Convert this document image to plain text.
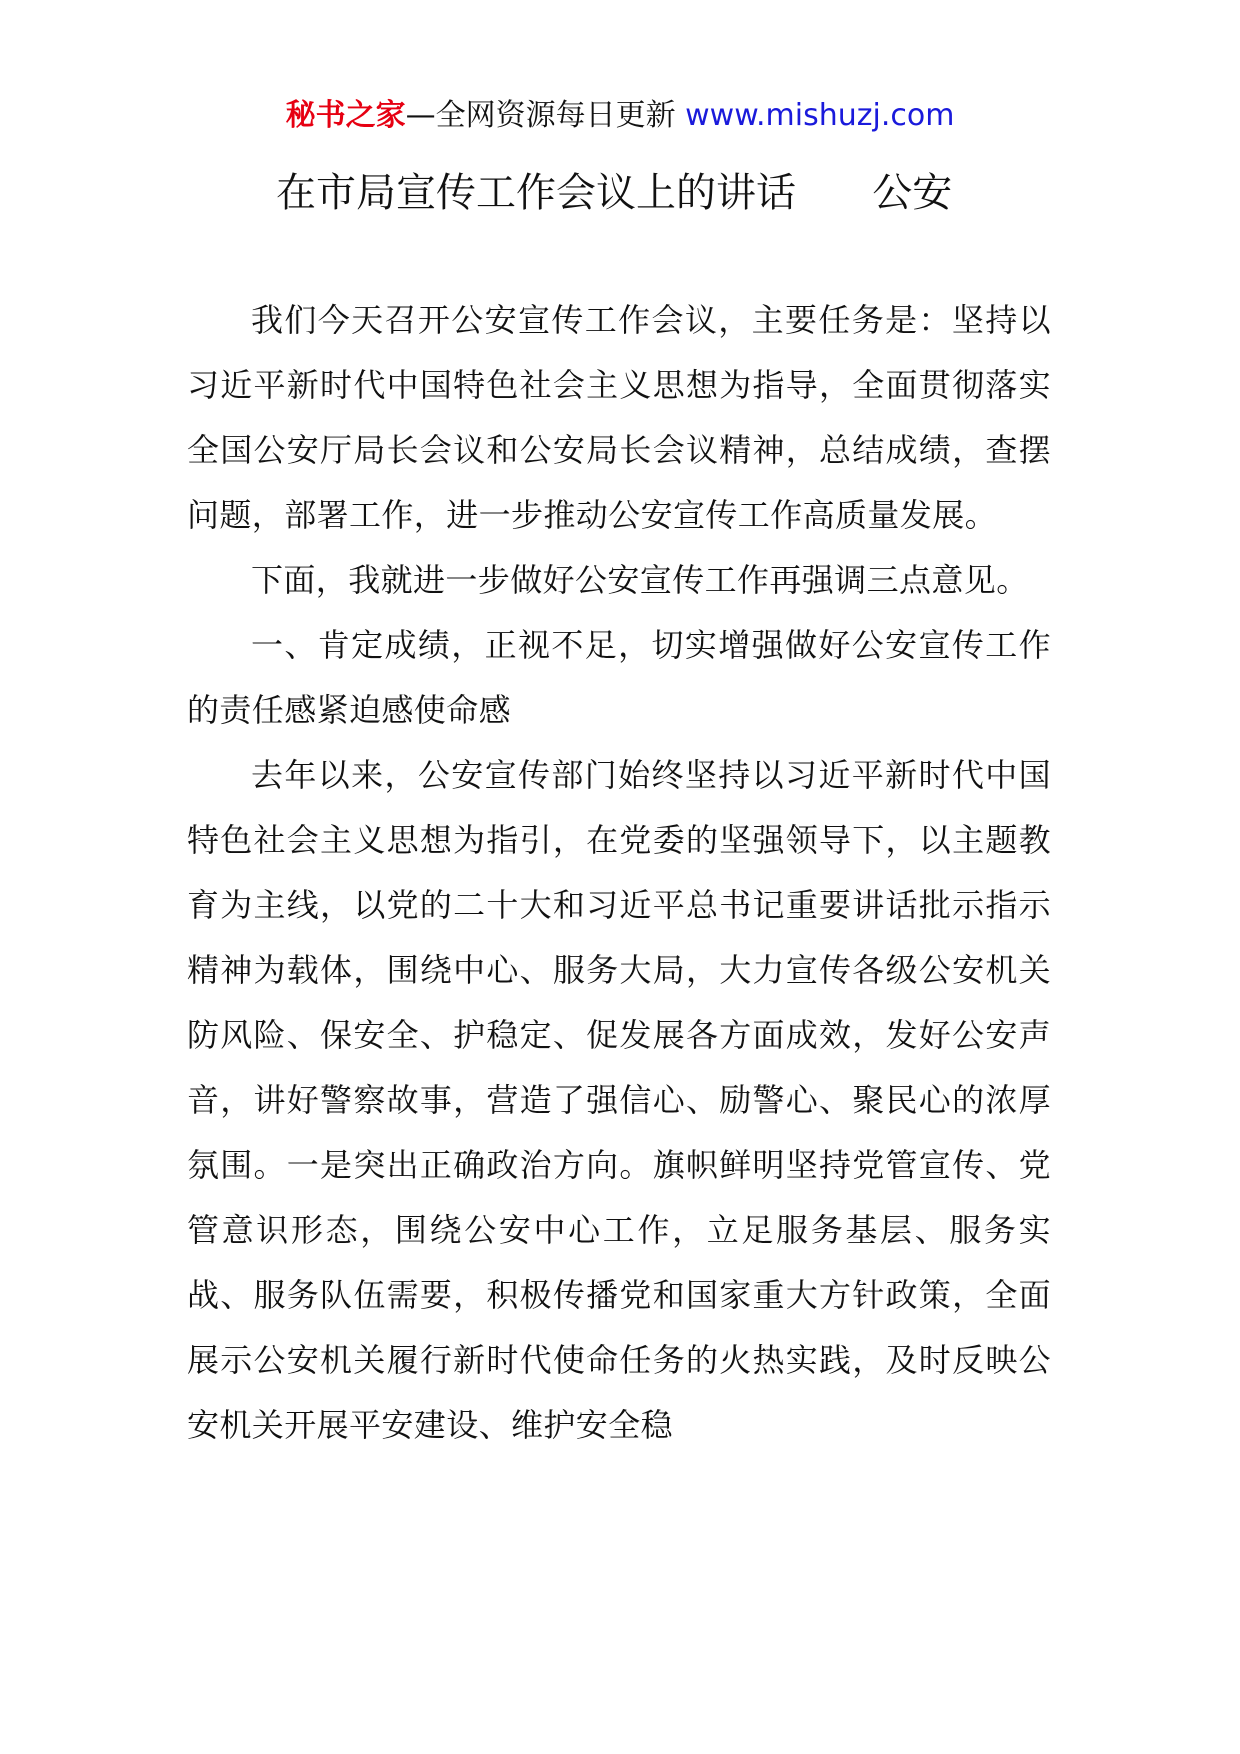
秘书之家—全网资源每日更新 www.mishuzj.com
在市局宣传工作会议上的讲话      公安

我们今天召开公安宣传工作会议，主要任务是：坚持以习近平新时代中国特色社会主义思想为指导，全面贯彻落实全国公安厅局长会议和公安局长会议精神，总结成绩，查摆问题，部署工作，进一步推动公安宣传工作高质量发展。

下面，我就进一步做好公安宣传工作再强调三点意见。

一、肯定成绩，正视不足，切实增强做好公安宣传工作的责任感紧迫感使命感

去年以来，公安宣传部门始终坚持以习近平新时代中国特色社会主义思想为指引，在党委的坚强领导下，以主题教育为主线，以党的二十大和习近平总书记重要讲话批示指示精神为载体，围绕中心、服务大局，大力宣传各级公安机关防风险、保安全、护稳定、促发展各方面成效，发好公安声音，讲好警察故事，营造了强信心、励警心、聚民心的浓厚氛围。一是突出正确政治方向。旗帜鲜明坚持党管宣传、党管意识形态，围绕公安中心工作，立足服务基层、服务实战、服务队伍需要，积极传播党和国家重大方针政策，全面展示公安机关履行新时代使命任务的火热实践，及时反映公安机关开展平安建设、维护安全稳
